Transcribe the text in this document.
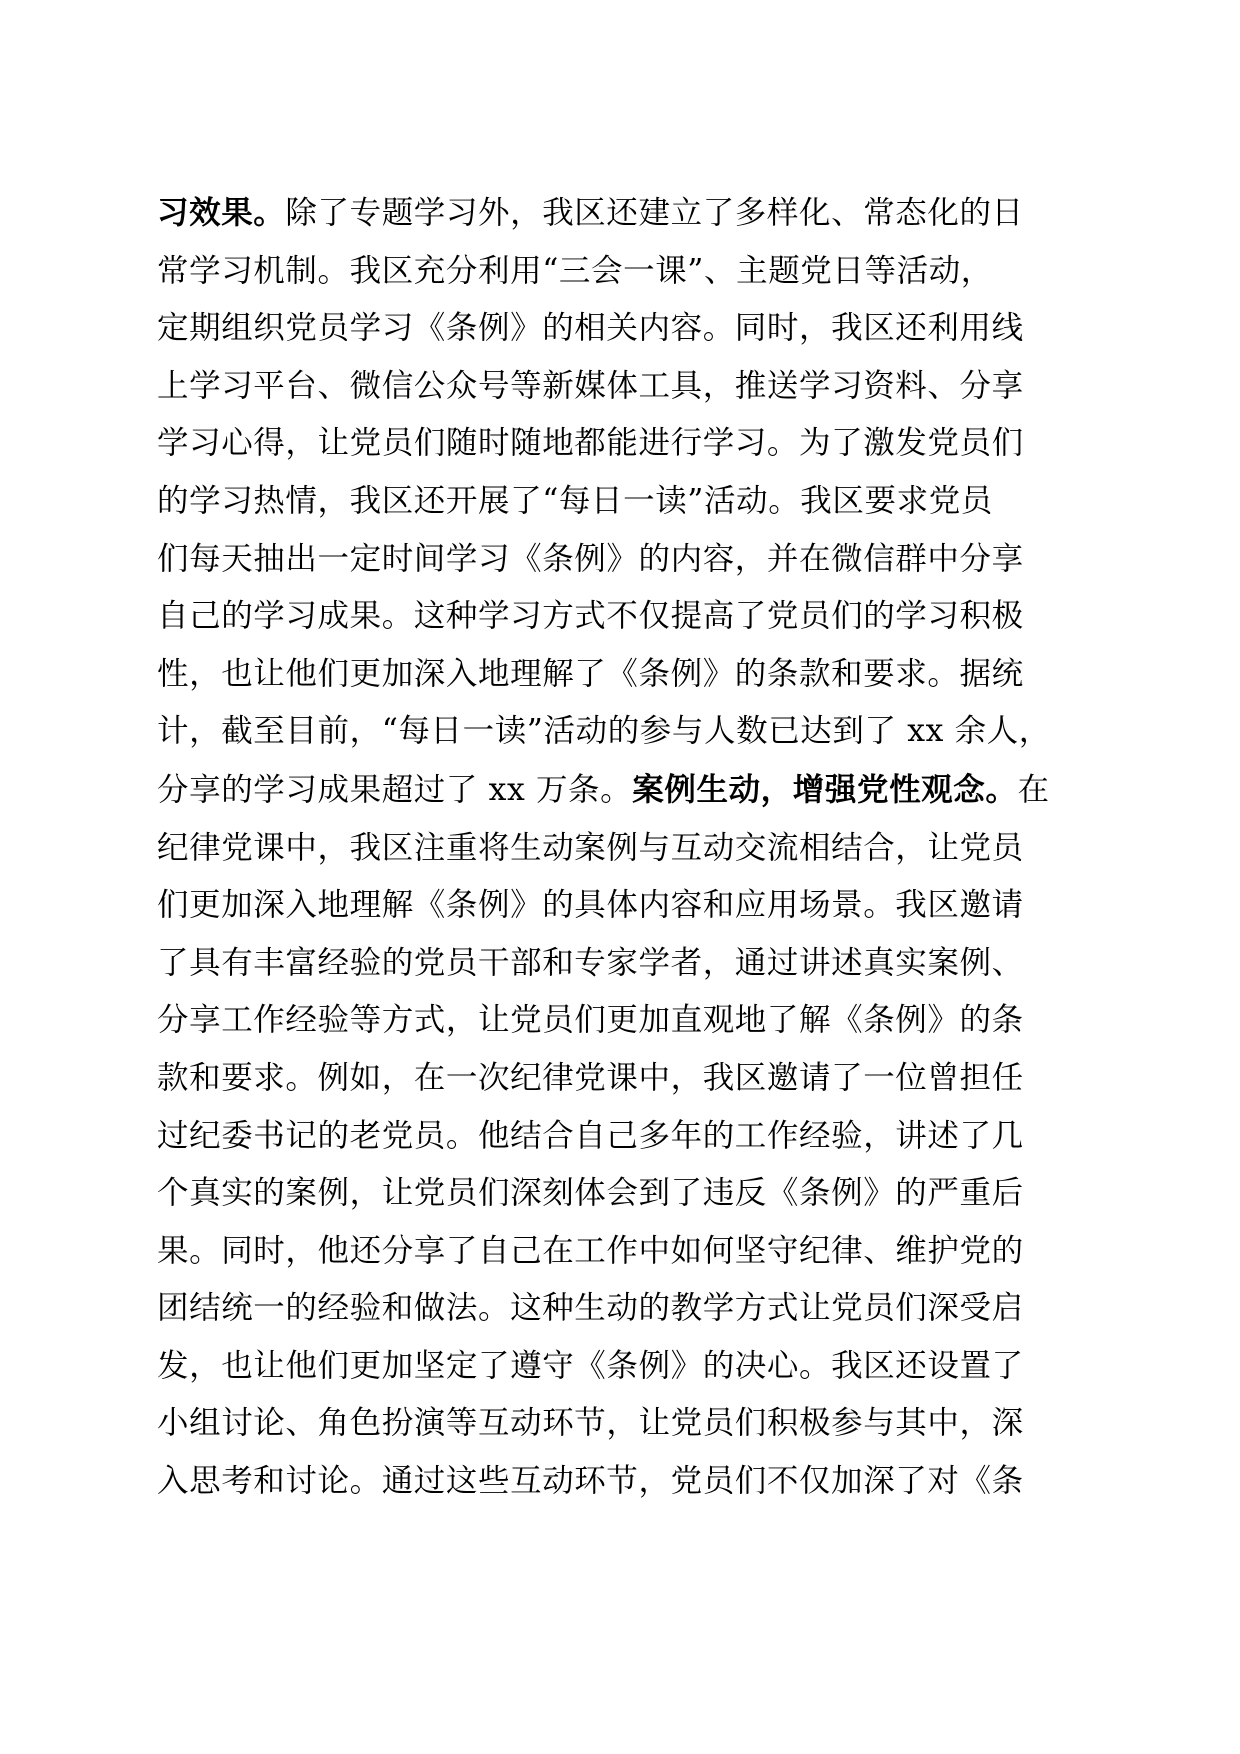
习效果。除了专题学习外，我区还建立了多样化、常态化的日
常学习机制。我区充分利用“三会一课”、主题党日等活动，
定期组织党员学习《条例》的相关内容。同时，我区还利用线
上学习平台、微信公众号等新媒体工具，推送学习资料、分享
学习心得，让党员们随时随地都能进行学习。为了激发党员们
的学习热情，我区还开展了“每日一读”活动。我区要求党员
们每天抽出一定时间学习《条例》的内容，并在微信群中分享
自己的学习成果。这种学习方式不仅提高了党员们的学习积极
性，也让他们更加深入地理解了《条例》的条款和要求。据统
计，截至目前，“每日一读”活动的参与人数已达到了 xx 余人，
分享的学习成果超过了 xx 万条。案例生动，增强党性观念。在
纪律党课中，我区注重将生动案例与互动交流相结合，让党员
们更加深入地理解《条例》的具体内容和应用场景。我区邀请
了具有丰富经验的党员干部和专家学者，通过讲述真实案例、
分享工作经验等方式，让党员们更加直观地了解《条例》的条
款和要求。例如，在一次纪律党课中，我区邀请了一位曾担任
过纪委书记的老党员。他结合自己多年的工作经验，讲述了几
个真实的案例，让党员们深刻体会到了违反《条例》的严重后
果。同时，他还分享了自己在工作中如何坚守纪律、维护党的
团结统一的经验和做法。这种生动的教学方式让党员们深受启
发，也让他们更加坚定了遵守《条例》的决心。我区还设置了
小组讨论、角色扮演等互动环节，让党员们积极参与其中，深
入思考和讨论。通过这些互动环节，党员们不仅加深了对《条
